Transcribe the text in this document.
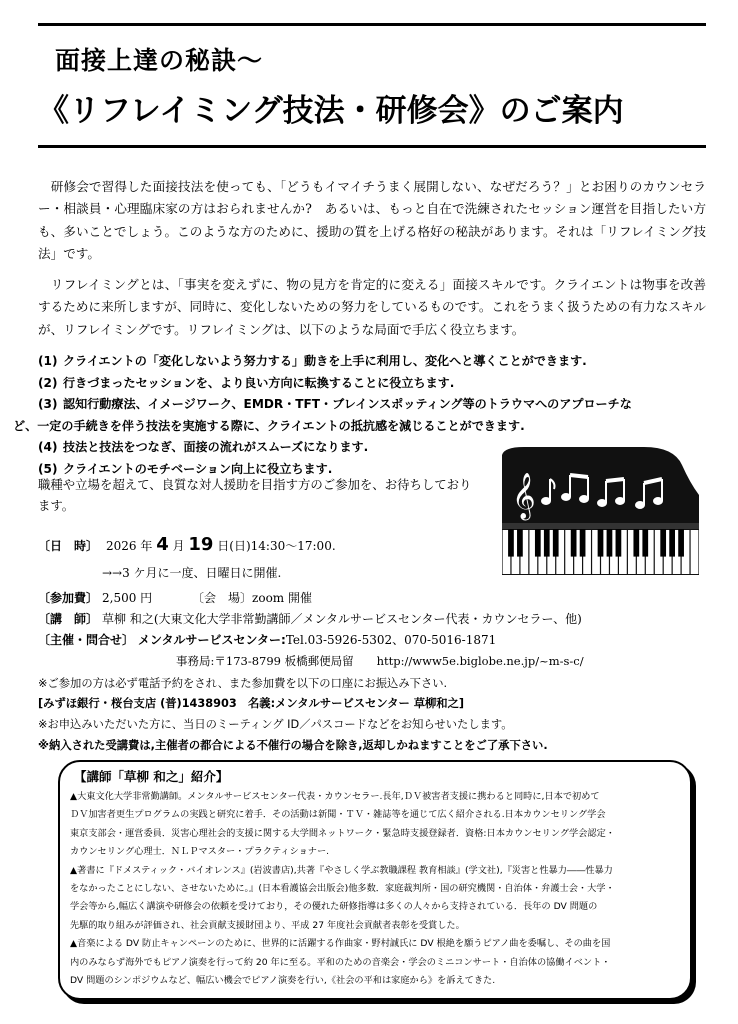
面接上達の秘訣～
《リフレイミング技法・研修会》のご案内
　研修会で習得した面接技法を使っても、「どうもイマイチうまく展開しない、なぜだろう？」とお困りのカウンセラー・相談員・心理臨床家の方はおられませんか?　あるいは、もっと自在で洗練されたセッション運営を目指したい方も、多いことでしょう。このような方のために、援助の質を上げる格好の秘訣があります。それは「リフレイミング技法」です。
　リフレイミングとは、「事実を変えずに、物の見方を肯定的に変える」面接スキルです。クライエントは物事を改善するために来所しますが、同時に、変化しないための努力をしているものです。これをうまく扱うための有力なスキルが、リフレイミングです。リフレイミングは、以下のような局面で手広く役立ちます。
(1) クライエントの「変化しないよう努力する」動きを上手に利用し、変化へと導くことができます.
(2) 行きづまったセッションを、より良い方向に転換することに役立ちます.
(3) 認知行動療法、イメージワーク、EMDR・TFT・ブレインスポッティング等のトラウマへのアプローチな
ど、一定の手続きを伴う技法を実施する際に、クライエントの抵抗感を減じることができます.
(4) 技法と技法をつなぎ、面接の流れがスムーズになります.
(5) クライエントのモチベーション向上に役立ちます.
職種や立場を超えて、良質な対人援助を目指す方のご参加を、お待ちしております。	𝄞
〔日　時〕 2026 年 4 月 19 日(日)14:30～17:00.
→→3 ケ月に一度、日曜日に開催.
〔参加費〕 2,500 円	〔会　場〕zoom 開催
〔講　師〕 草柳 和之(大東文化大学非常勤講師／メンタルサービスセンター代表・カウンセラー、他)
〔主催・問合せ〕 メンタルサービスセンター:Tel.03-5926-5302、070-5016-1871
事務局:〒173-8799 板橋郵便局留　　http://www5e.biglobe.ne.jp/~m-s-c/
※ご参加の方は必ず電話予約をされ、また参加費を以下の口座にお振込み下さい.
[みずほ銀行・桜台支店 (普)1438903　名義:メンタルサービスセンター 草柳和之]
※お申込みいただいた方に、当日のミーティング ID／パスコードなどをお知らせいたします。
※納入された受講費は,主催者の都合による不催行の場合を除き,返却しかねますことをご了承下さい.
【講師「草柳 和之」紹介】
▲大東文化大学非常勤講師。メンタルサービスセンター代表・カウンセラー.長年,ＤＶ被害者支援に携わると同時に,日本で初めて
ＤＶ加害者更生プログラムの実践と研究に着手．その活動は新聞・ＴＶ・雑誌等を通じて広く紹介される.日本カウンセリング学会
東京支部会・運営委員．災害心理社会的支援に関する大学間ネットワーク・緊急時支援登録者．資格:日本カウンセリング学会認定・
カウンセリング心理士．ＮＬＰマスター・プラクティショナー.
▲著書に『ドメスティック・バイオレンス』(岩波書店),共著『やさしく学ぶ教職課程 教育相談』(学文社),『災害と性暴力――性暴力
をなかったことにしない、させないために。』(日本看護協会出版会)他多数．家庭裁判所・国の研究機関・自治体・弁護士会・大学・
学会等から,幅広く講演や研修会の依頼を受けており，その優れた研修指導は多くの人々から支持されている．長年の DV 問題の
先駆的取り組みが評価され、社会貢献支援財団より、平成 27 年度社会貢献者表彰を受賞した。
▲音楽による DV 防止キャンペーンのために、世界的に活躍する作曲家・野村誠氏に DV 根絶を願うピアノ曲を委嘱し、その曲を国
内のみならず海外でもピアノ演奏を行って約 20 年に至る。平和のための音楽会・学会のミニコンサート・自治体の協働イベント・
DV 問題のシンポジウムなど、幅広い機会でピアノ演奏を行い,《社会の平和は家庭から》を訴えてきた.
